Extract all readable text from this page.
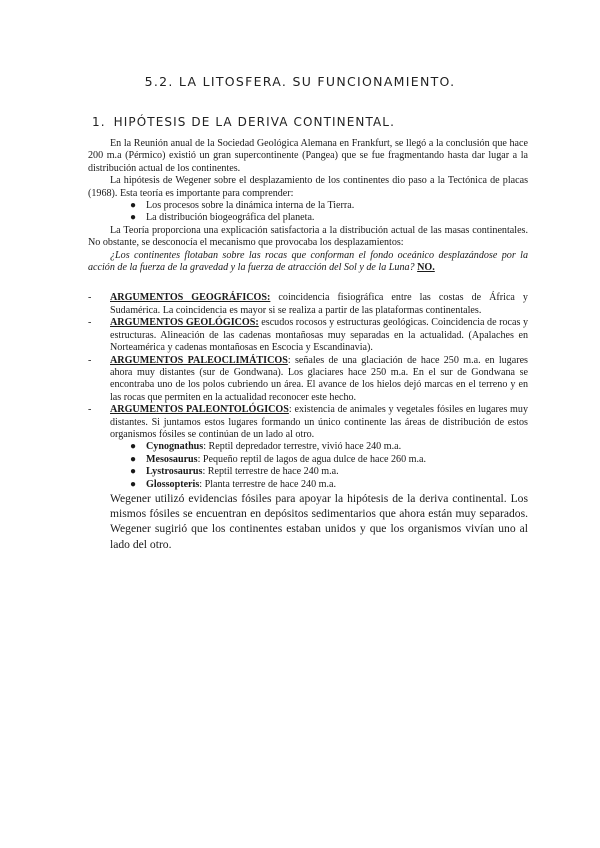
5.2. LA LITOSFERA. SU FUNCIONAMIENTO.
1. HIPÓTESIS DE LA DERIVA CONTINENTAL.

En la Reunión anual de la Sociedad Geológica Alemana en Frankfurt, se llegó a la conclusión que hace 200 m.a (Pérmico) existió un gran supercontinente (Pangea) que se fue fragmentando hasta dar lugar a la distribución actual de los continentes.

La hipótesis de Wegener sobre el desplazamiento de los continentes dio paso a la Tectónica de placas (1968). Esta teoría es importante para comprender:

● Los procesos sobre la dinámica interna de la Tierra.
● La distribución biogeográfica del planeta.

La Teoría proporciona una explicación satisfactoria a la distribución actual de las masas continentales. No obstante, se desconocía el mecanismo que provocaba los desplazamientos:

¿Los continentes flotaban sobre las rocas que conforman el fondo oceánico desplazándose por la acción de la fuerza de la gravedad y la fuerza de atracción del Sol y de la Luna? NO.

- ARGUMENTOS GEOGRÁFICOS: coincidencia fisiográfica entre las costas de África y Sudamérica. La coincidencia es mayor si se realiza a partir de las plataformas continentales.
- ARGUMENTOS GEOLÓGICOS: escudos rocosos y estructuras geológicas. Coincidencia de rocas y estructuras. Alineación de las cadenas montañosas muy separadas en la actualidad. (Apalaches en Norteamérica y cadenas montañosas en Escocia y Escandinavia).
- ARGUMENTOS PALEOCLIMÁTICOS: señales de una glaciación de hace 250 m.a. en lugares ahora muy distantes (sur de Gondwana). Los glaciares hace 250 m.a. En el sur de Gondwana se encontraba uno de los polos cubriendo un área. El avance de los hielos dejó marcas en el terreno y en las rocas que permiten en la actualidad reconocer este hecho.
- ARGUMENTOS PALEONTOLÓGICOS: existencia de animales y vegetales fósiles en lugares muy distantes. Si juntamos estos lugares formando un único continente las áreas de distribución de estos organismos fósiles se continúan de un lado al otro.
● Cynognathus: Reptil depredador terrestre, vivió hace 240 m.a.
● Mesosaurus: Pequeño reptil de lagos de agua dulce de hace 260 m.a.
● Lystrosaurus: Reptil terrestre de hace 240 m.a.
● Glossopteris: Planta terrestre de hace 240 m.a.

Wegener utilizó evidencias fósiles para apoyar la hipótesis de la deriva continental. Los mismos fósiles se encuentran en depósitos sedimentarios que ahora están muy separados. Wegener sugirió que los continentes estaban unidos y que los organismos vivían uno al lado del otro.
